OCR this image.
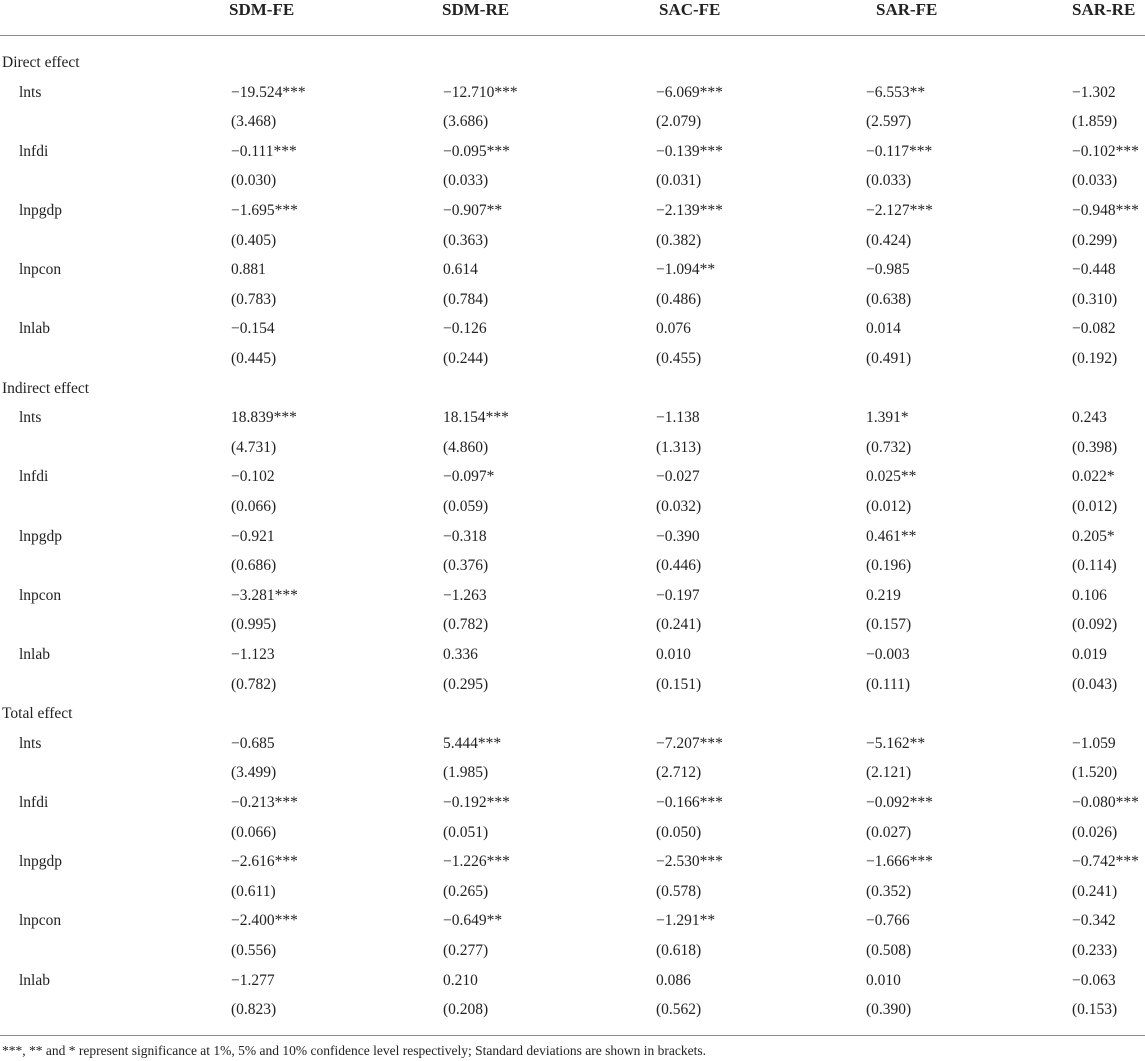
SDM-FE	SDM-RE	SAC-FE	SAR-FE	SAR-RE
Direct effect
lnts	−19.524***	−12.710***	−6.069***	−6.553**	−1.302
(3.468)	(3.686)	(2.079)	(2.597)	(1.859)
lnfdi	−0.111***	−0.095***	−0.139***	−0.117***	−0.102***
(0.030)	(0.033)	(0.031)	(0.033)	(0.033)
lnpgdp	−1.695***	−0.907**	−2.139***	−2.127***	−0.948***
(0.405)	(0.363)	(0.382)	(0.424)	(0.299)
lnpcon	0.881	0.614	−1.094**	−0.985	−0.448
(0.783)	(0.784)	(0.486)	(0.638)	(0.310)
lnlab	−0.154	−0.126	0.076	0.014	−0.082
(0.445)	(0.244)	(0.455)	(0.491)	(0.192)
Indirect effect
lnts	18.839***	18.154***	−1.138	1.391*	0.243
(4.731)	(4.860)	(1.313)	(0.732)	(0.398)
lnfdi	−0.102	−0.097*	−0.027	0.025**	0.022*
(0.066)	(0.059)	(0.032)	(0.012)	(0.012)
lnpgdp	−0.921	−0.318	−0.390	0.461**	0.205*
(0.686)	(0.376)	(0.446)	(0.196)	(0.114)
lnpcon	−3.281***	−1.263	−0.197	0.219	0.106
(0.995)	(0.782)	(0.241)	(0.157)	(0.092)
lnlab	−1.123	0.336	0.010	−0.003	0.019
(0.782)	(0.295)	(0.151)	(0.111)	(0.043)
Total effect
lnts	−0.685	5.444***	−7.207***	−5.162**	−1.059
(3.499)	(1.985)	(2.712)	(2.121)	(1.520)
lnfdi	−0.213***	−0.192***	−0.166***	−0.092***	−0.080***
(0.066)	(0.051)	(0.050)	(0.027)	(0.026)
lnpgdp	−2.616***	−1.226***	−2.530***	−1.666***	−0.742***
(0.611)	(0.265)	(0.578)	(0.352)	(0.241)
lnpcon	−2.400***	−0.649**	−1.291**	−0.766	−0.342
(0.556)	(0.277)	(0.618)	(0.508)	(0.233)
lnlab	−1.277	0.210	0.086	0.010	−0.063
(0.823)	(0.208)	(0.562)	(0.390)	(0.153)
***, ** and * represent significance at 1%, 5% and 10% confidence level respectively; Standard deviations are shown in brackets.
